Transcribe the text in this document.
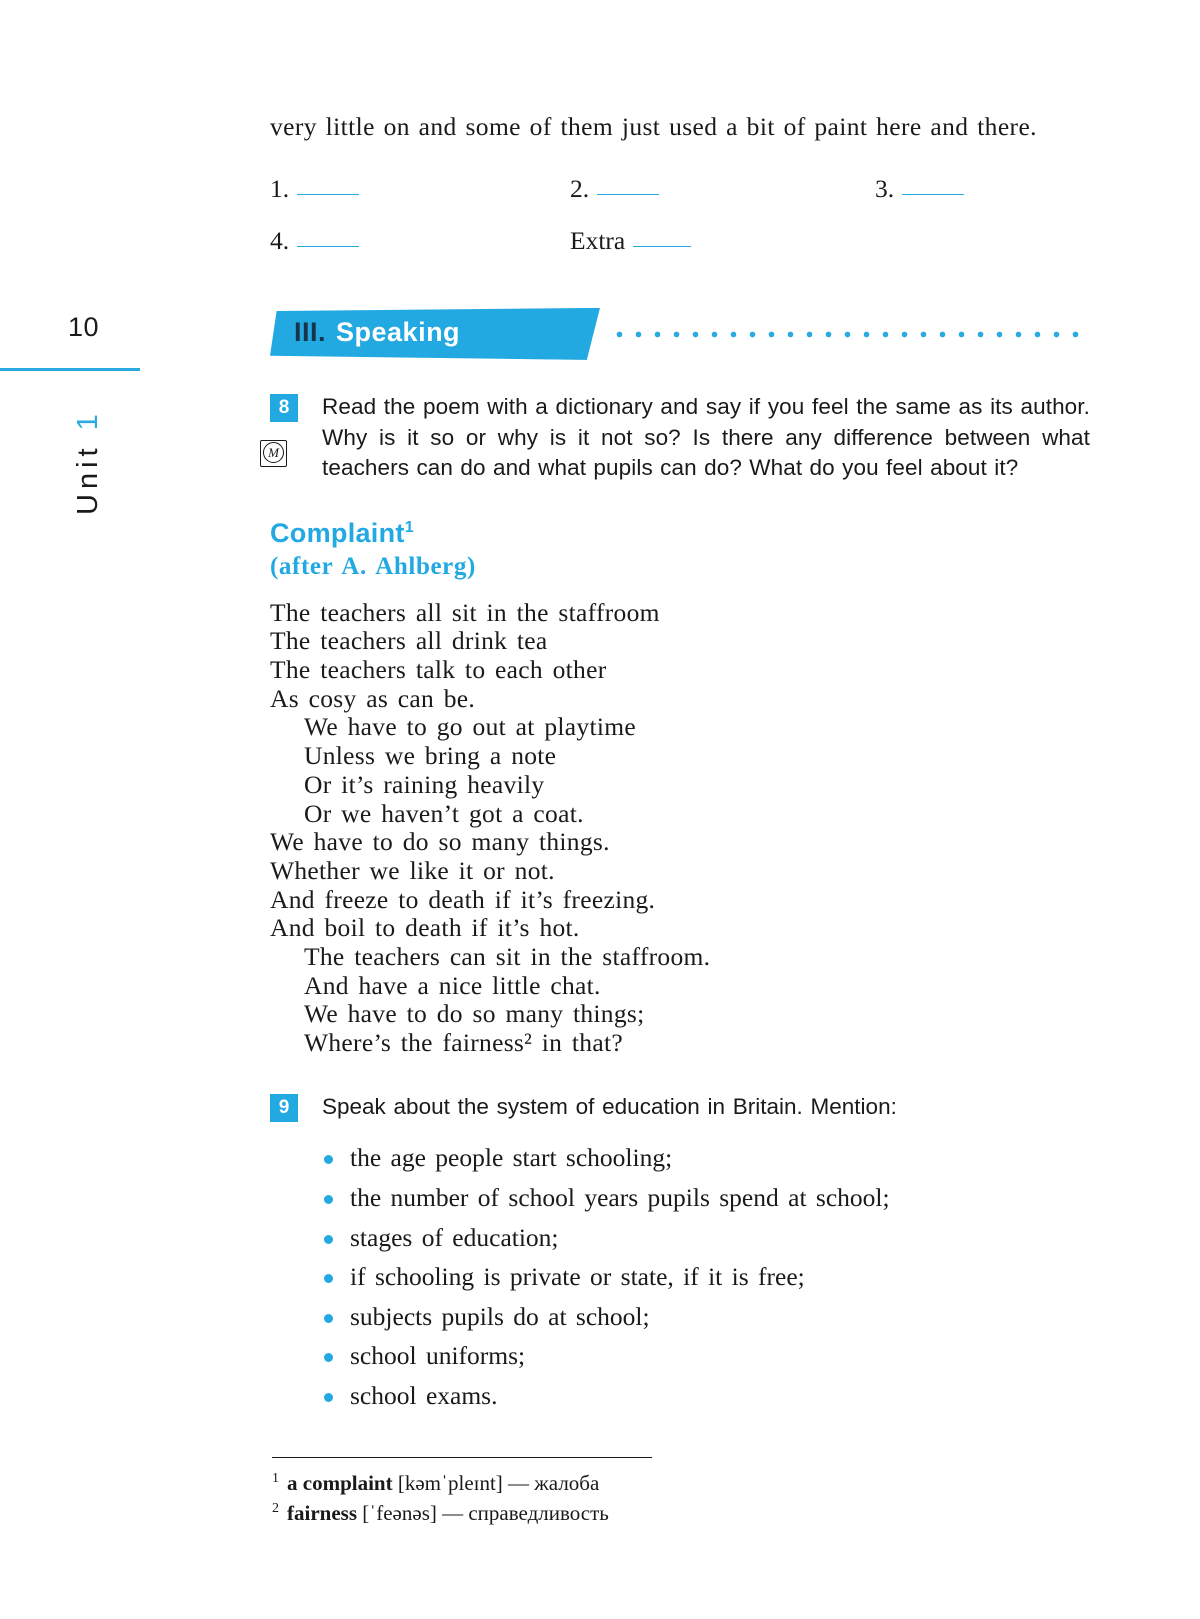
10
Unit 1
very little on and some of them just used a bit of paint here and there.
1.	2.	3.
4.	Extra
III. Speaking
8
M
Read the poem with a dictionary and say if you feel the same as its author. Why is it so or why is it not so? Is there any difference between what teachers can do and what pupils can do? What do you feel about it?
Complaint$^1$
(after A. Ahlberg)
The teachers all sit in the staffroom
The teachers all drink tea
The teachers talk to each other
As cosy as can be.
We have to go out at playtime
Unless we bring a note
Or it’s raining heavily
Or we haven’t got a coat.
We have to do so many things.
Whether we like it or not.
And freeze to death if it’s freezing.
And boil to death if it’s hot.
The teachers can sit in the staffroom.
And have a nice little chat.
We have to do so many things;
Where’s the fairness² in that?
9	Speak about the system of education in Britain. Mention:
the age people start schooling;
the number of school years pupils spend at school;
stages of education;
if schooling is private or state, if it is free;
subjects pupils do at school;
school uniforms;
school exams.
$^1$ a complaint [kəmˈpleɪnt] — жалоба
$^2$ fairness [ˈfeənəs] — справедливость
